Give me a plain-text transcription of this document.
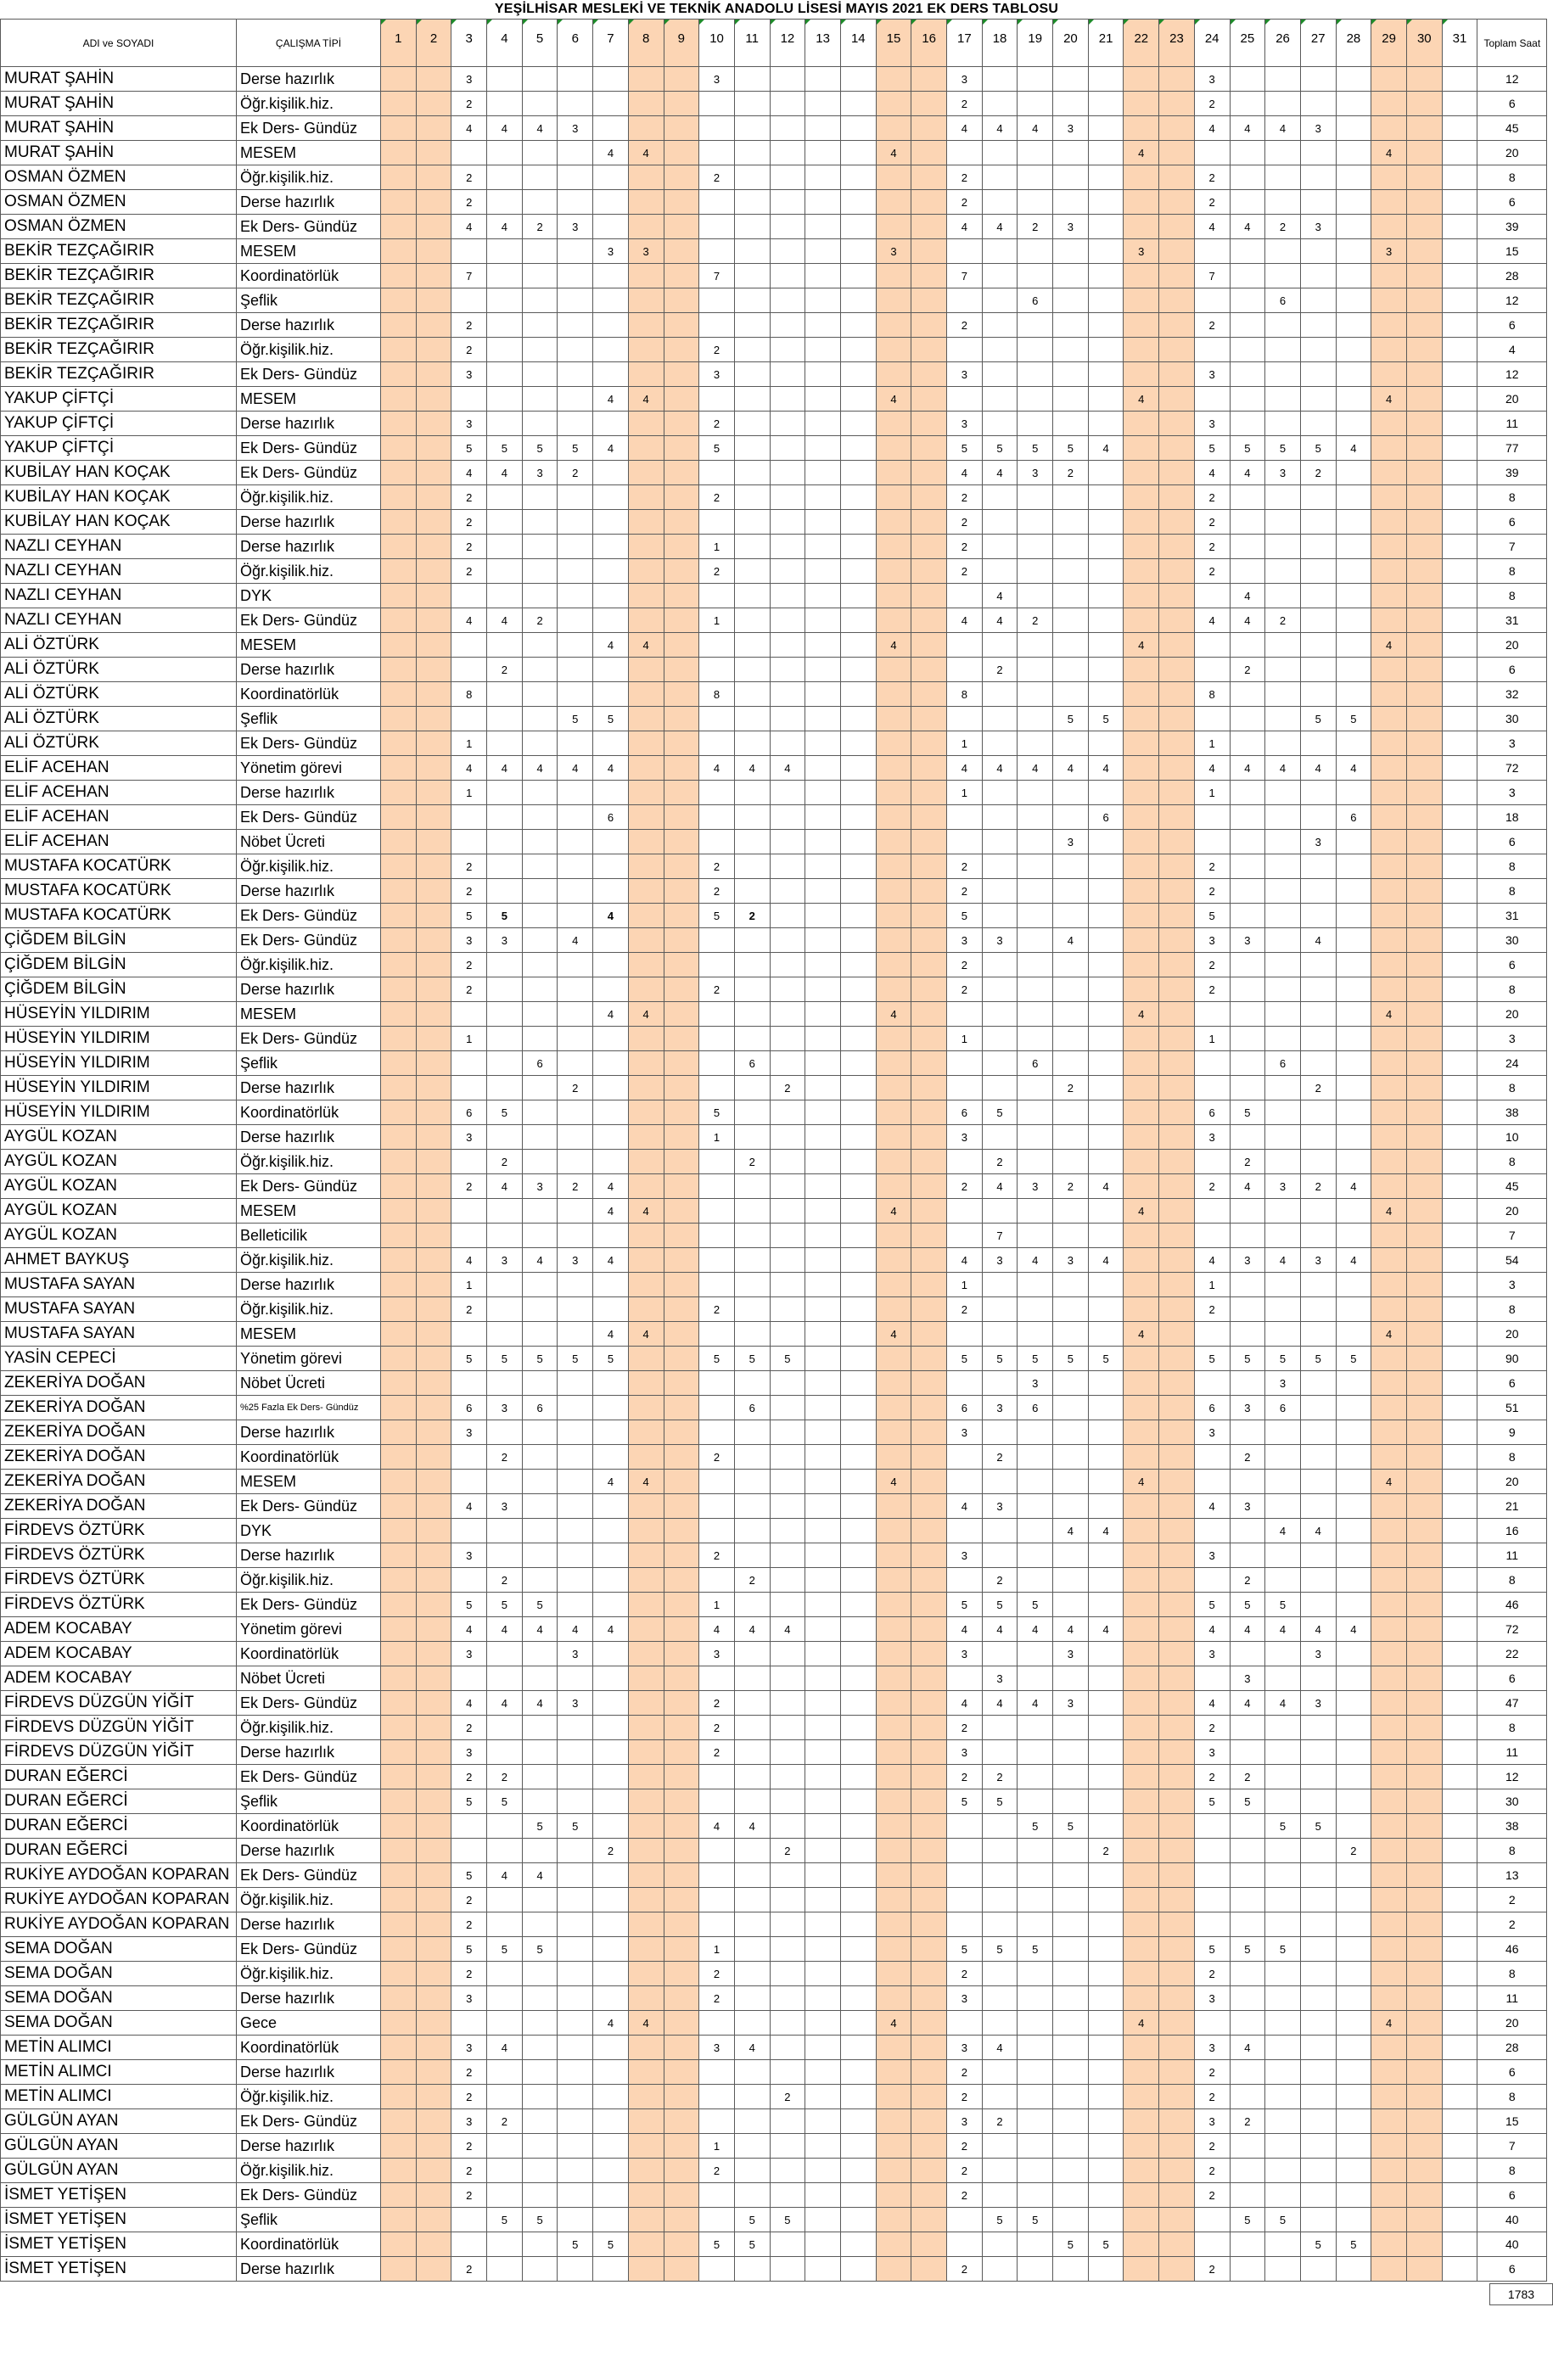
YEŞİLHİSAR MESLEKİ VE TEKNİK ANADOLU LİSESİ MAYIS 2021 EK DERS TABLOSU
ADI ve SOYADI	ÇALIŞMA TİPİ	1	2	3	4	5	6	7	8	9	10	11	12	13	14	15	16	17	18	19	20	21	22	23	24	25	26	27	28	29	30	31	Toplam Saat
MURAT ŞAHİN	Derse hazırlık			3							3							3							3								12
MURAT ŞAHİN	Öğr.kişilik.hiz.			2														2							2								6
MURAT ŞAHİN	Ek Ders- Gündüz			4	4	4	3											4	4	4	3				4	4	4	3					45
MURAT ŞAHİN	MESEM							4	4							4							4							4			20
OSMAN ÖZMEN	Öğr.kişilik.hiz.			2							2							2							2								8
OSMAN ÖZMEN	Derse hazırlık			2														2							2								6
OSMAN ÖZMEN	Ek Ders- Gündüz			4	4	2	3											4	4	2	3				4	4	2	3					39
BEKİR TEZÇAĞIRIR	MESEM							3	3							3							3							3			15
BEKİR TEZÇAĞIRIR	Koordinatörlük			7							7							7							7								28
BEKİR TEZÇAĞIRIR	Şeflik																			6							6						12
BEKİR TEZÇAĞIRIR	Derse hazırlık			2														2							2								6
BEKİR TEZÇAĞIRIR	Öğr.kişilik.hiz.			2							2																						4
BEKİR TEZÇAĞIRIR	Ek Ders- Gündüz			3							3							3							3								12
YAKUP ÇİFTÇİ	MESEM							4	4							4							4							4			20
YAKUP ÇİFTÇİ	Derse hazırlık			3							2							3							3								11
YAKUP ÇİFTÇİ	Ek Ders- Gündüz			5	5	5	5	4			5							5	5	5	5	4			5	5	5	5	4				77
KUBİLAY HAN KOÇAK	Ek Ders- Gündüz			4	4	3	2											4	4	3	2				4	4	3	2					39
KUBİLAY HAN KOÇAK	Öğr.kişilik.hiz.			2							2							2							2								8
KUBİLAY HAN KOÇAK	Derse hazırlık			2														2							2								6
NAZLI CEYHAN	Derse hazırlık			2							1							2							2								7
NAZLI CEYHAN	Öğr.kişilik.hiz.			2							2							2							2								8
NAZLI CEYHAN	DYK																		4							4							8
NAZLI CEYHAN	Ek Ders- Gündüz			4	4	2					1							4	4	2					4	4	2						31
ALİ ÖZTÜRK	MESEM							4	4							4							4							4			20
ALİ ÖZTÜRK	Derse hazırlık				2														2							2							6
ALİ ÖZTÜRK	Koordinatörlük			8							8							8							8								32
ALİ ÖZTÜRK	Şeflik						5	5													5	5						5	5				30
ALİ ÖZTÜRK	Ek Ders- Gündüz			1														1							1								3
ELİF ACEHAN	Yönetim görevi			4	4	4	4	4			4	4	4					4	4	4	4	4			4	4	4	4	4				72
ELİF ACEHAN	Derse hazırlık			1														1							1								3
ELİF ACEHAN	Ek Ders- Gündüz							6														6							6				18
ELİF ACEHAN	Nöbet Ücreti																				3							3					6
MUSTAFA KOCATÜRK	Öğr.kişilik.hiz.			2							2							2							2								8
MUSTAFA KOCATÜRK	Derse hazırlık			2							2							2							2								8
MUSTAFA KOCATÜRK	Ek Ders- Gündüz			5	5			4			5	2						5							5								31
ÇİĞDEM BİLGİN	Ek Ders- Gündüz			3	3		4											3	3		4				3	3		4					30
ÇİĞDEM BİLGİN	Öğr.kişilik.hiz.			2														2							2								6
ÇİĞDEM BİLGİN	Derse hazırlık			2							2							2							2								8
HÜSEYİN YILDIRIM	MESEM							4	4							4							4							4			20
HÜSEYİN YILDIRIM	Ek Ders- Gündüz			1														1							1								3
HÜSEYİN YILDIRIM	Şeflik					6						6								6							6						24
HÜSEYİN YILDIRIM	Derse hazırlık						2						2								2							2					8
HÜSEYİN YILDIRIM	Koordinatörlük			6	5						5							6	5						6	5							38
AYGÜL KOZAN	Derse hazırlık			3							1							3							3								10
AYGÜL KOZAN	Öğr.kişilik.hiz.				2							2							2							2							8
AYGÜL KOZAN	Ek Ders- Gündüz			2	4	3	2	4										2	4	3	2	4			2	4	3	2	4				45
AYGÜL KOZAN	MESEM							4	4							4							4							4			20
AYGÜL KOZAN	Belleticilik																		7														7
AHMET BAYKUŞ	Öğr.kişilik.hiz.			4	3	4	3	4										4	3	4	3	4			4	3	4	3	4				54
MUSTAFA SAYAN	Derse hazırlık			1														1							1								3
MUSTAFA SAYAN	Öğr.kişilik.hiz.			2							2							2							2								8
MUSTAFA SAYAN	MESEM							4	4							4							4							4			20
YASİN CEPECİ	Yönetim görevi			5	5	5	5	5			5	5	5					5	5	5	5	5			5	5	5	5	5				90
ZEKERİYA DOĞAN	Nöbet Ücreti																			3							3						6
ZEKERİYA DOĞAN	%25 Fazla Ek Ders- Gündüz			6	3	6						6						6	3	6					6	3	6						51
ZEKERİYA DOĞAN	Derse hazırlık			3														3							3								9
ZEKERİYA DOĞAN	Koordinatörlük				2						2								2							2							8
ZEKERİYA DOĞAN	MESEM							4	4							4							4							4			20
ZEKERİYA DOĞAN	Ek Ders- Gündüz			4	3													4	3						4	3							21
FİRDEVS ÖZTÜRK	DYK																				4	4					4	4					16
FİRDEVS ÖZTÜRK	Derse hazırlık			3							2							3							3								11
FİRDEVS ÖZTÜRK	Öğr.kişilik.hiz.				2							2							2							2							8
FİRDEVS ÖZTÜRK	Ek Ders- Gündüz			5	5	5					1							5	5	5					5	5	5						46
ADEM KOCABAY	Yönetim görevi			4	4	4	4	4			4	4	4					4	4	4	4	4			4	4	4	4	4				72
ADEM KOCABAY	Koordinatörlük			3			3				3							3			3				3			3					22
ADEM KOCABAY	Nöbet Ücreti																		3							3							6
FİRDEVS DÜZGÜN YİĞİT	Ek Ders- Gündüz			4	4	4	3				2							4	4	4	3				4	4	4	3					47
FİRDEVS DÜZGÜN YİĞİT	Öğr.kişilik.hiz.			2							2							2							2								8
FİRDEVS DÜZGÜN YİĞİT	Derse hazırlık			3							2							3							3								11
DURAN EĞERCİ	Ek Ders- Gündüz			2	2													2	2						2	2							12
DURAN EĞERCİ	Şeflik			5	5													5	5						5	5							30
DURAN EĞERCİ	Koordinatörlük					5	5				4	4								5	5						5	5					38
DURAN EĞERCİ	Derse hazırlık							2					2									2							2				8
RUKİYE AYDOĞAN KOPARAN	Ek Ders- Gündüz			5	4	4																											13
RUKİYE AYDOĞAN KOPARAN	Öğr.kişilik.hiz.			2																													2
RUKİYE AYDOĞAN KOPARAN	Derse hazırlık			2																													2
SEMA DOĞAN	Ek Ders- Gündüz			5	5	5					1							5	5	5					5	5	5						46
SEMA DOĞAN	Öğr.kişilik.hiz.			2							2							2							2								8
SEMA DOĞAN	Derse hazırlık			3							2							3							3								11
SEMA DOĞAN	Gece							4	4							4							4							4			20
METİN ALIMCI	Koordinatörlük			3	4						3	4						3	4						3	4							28
METİN ALIMCI	Derse hazırlık			2														2							2								6
METİN ALIMCI	Öğr.kişilik.hiz.			2									2					2							2								8
GÜLGÜN AYAN	Ek Ders- Gündüz			3	2													3	2						3	2							15
GÜLGÜN AYAN	Derse hazırlık			2							1							2							2								7
GÜLGÜN AYAN	Öğr.kişilik.hiz.			2							2							2							2								8
İSMET YETİŞEN	Ek Ders- Gündüz			2														2							2								6
İSMET YETİŞEN	Şeflik				5	5						5	5						5	5						5	5						40
İSMET YETİŞEN	Koordinatörlük						5	5			5	5									5	5						5	5				40
İSMET YETİŞEN	Derse hazırlık			2														2							2								6
1783
